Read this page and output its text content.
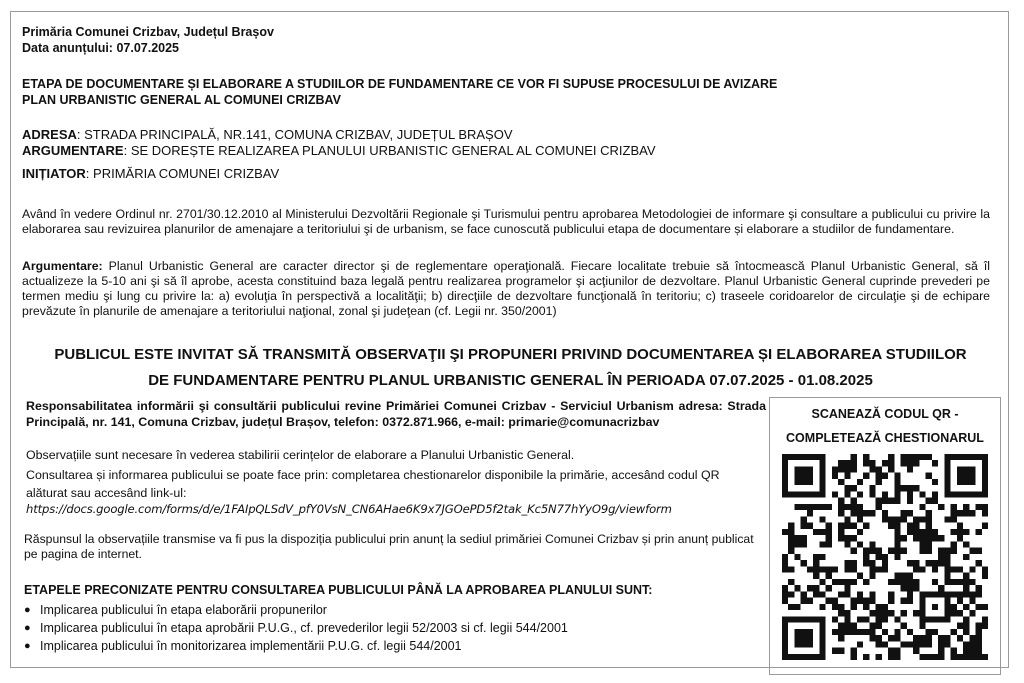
Primăria Comunei Crizbav, Județul Brașov
Data anunțului: 07.07.2025
ETAPA DE DOCUMENTARE ȘI ELABORARE A STUDIILOR DE FUNDAMENTARE CE VOR FI SUPUSE PROCESULUI DE AVIZARE
PLAN URBANISTIC GENERAL AL COMUNEI CRIZBAV
ADRESA: STRADA PRINCIPALĂ, NR.141, COMUNA CRIZBAV, JUDEȚUL BRAȘOV
ARGUMENTARE: SE DOREȘTE REALIZAREA PLANULUI URBANISTIC GENERAL AL COMUNEI CRIZBAV
INIȚIATOR: PRIMĂRIA COMUNEI CRIZBAV
Având în vedere Ordinul nr. 2701/30.12.2010 al Ministerului Dezvoltării Regionale şi Turismului pentru aprobarea Metodologiei de informare şi consultare a publicului cu privire la elaborarea sau revizuirea planurilor de amenajare a teritoriului şi de urbanism, se face cunoscută publicului etapa de documentare și elaborare a studiilor de fundamentare.
Argumentare: Planul Urbanistic General are caracter director şi de reglementare operaţională. Fiecare localitate trebuie să întocmească Planul Urbanistic General, să îl actualizeze la 5-10 ani şi să îl aprobe, acesta constituind baza legală pentru realizarea programelor şi acţiunilor de dezvoltare. Planul Urbanistic General cuprinde prevederi pe termen mediu şi lung cu privire la: a) evoluţia în perspectivă a localităţii; b) direcţiile de dezvoltare funcţională în teritoriu; c) traseele coridoarelor de circulaţie şi de echipare prevăzute în planurile de amenajare a teritoriului naţional, zonal şi judeţean (cf. Legii nr. 350/2001)
PUBLICUL ESTE INVITAT SĂ TRANSMITĂ OBSERVAŢII ŞI PROPUNERI PRIVIND DOCUMENTAREA ȘI ELABORAREA STUDIILOR
DE FUNDAMENTARE PENTRU PLANUL URBANISTIC GENERAL ÎN PERIOADA 07.07.2025 - 01.08.2025
Responsabilitatea informării şi consultării publicului revine Primăriei Comunei Crizbav - Serviciul Urbanism adresa: Strada Principală, nr. 141, Comuna Crizbav, județul Brașov, telefon: 0372.871.966, e-mail: primarie@comunacrizbav
Observațiile sunt necesare în vederea stabilirii cerințelor de elaborare a Planului Urbanistic General.
Consultarea și informarea publicului se poate face prin: completarea chestionarelor disponibile la primărie, accesând codul QR alăturat sau accesând link-ul:
https://docs.google.com/forms/d/e/1FAIpQLSdV_pfY0VsN_CN6AHae6K9x7JGOePD5f2tak_Kc5N77hYyO9g/viewform
Răspunsul la observațiile transmise va fi pus la dispoziția publicului prin anunț la sediul primăriei Comunei Crizbav și prin anunț publicat pe pagina de internet.
ETAPELE PRECONIZATE PENTRU CONSULTAREA PUBLICULUI PÂNĂ LA APROBAREA PLANULUI SUNT:
● Implicarea publicului în etapa elaborării propunerilor
● Implicarea publicului în etapa aprobării P.U.G., cf. prevederilor legii 52/2003 si cf. legii 544/2001
● Implicarea publicului în monitorizarea implementării P.U.G. cf. legii 544/2001
SCANEAZĂ CODUL QR -
COMPLETEAZĂ CHESTIONARUL
